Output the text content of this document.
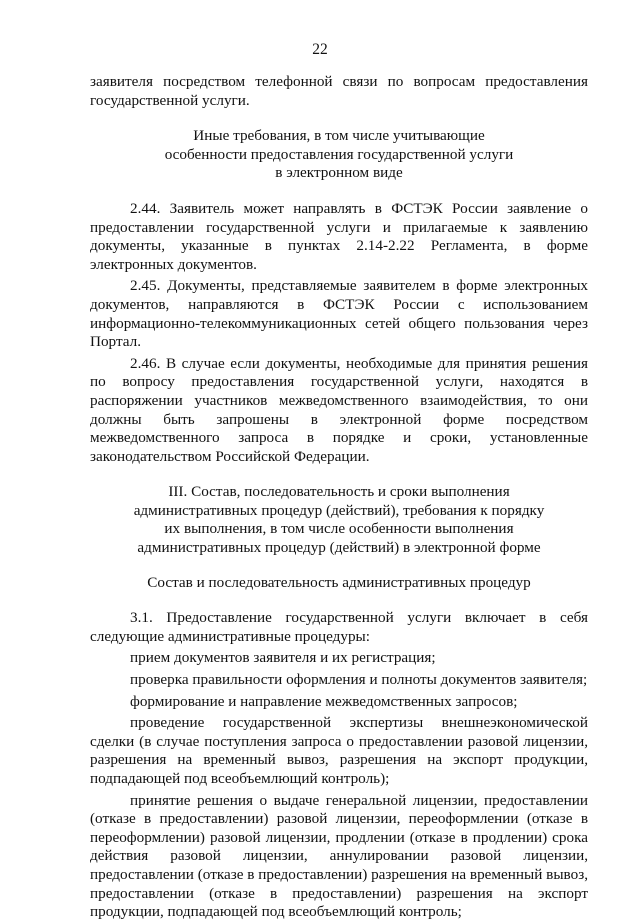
22

заявителя посредством телефонной связи по вопросам предоставления государственной услуги.

Иные требования, в том числе учитывающие
особенности предоставления государственной услуги
в электронном виде

2.44. Заявитель может направлять в ФСТЭК России заявление о предоставлении государственной услуги и прилагаемые к заявлению документы, указанные в пунктах 2.14-2.22 Регламента, в форме электронных документов.

2.45. Документы, представляемые заявителем в форме электронных документов, направляются в ФСТЭК России с использованием информационно-телекоммуникационных сетей общего пользования через Портал.

2.46. В случае если документы, необходимые для принятия решения по вопросу предоставления государственной услуги, находятся в распоряжении участников межведомственного взаимодействия, то они должны быть запрошены в электронной форме посредством межведомственного запроса в порядке и сроки, установленные законодательством Российской Федерации.

III. Состав, последовательность и сроки выполнения
административных процедур (действий), требования к порядку
их выполнения, в том числе особенности выполнения
административных процедур (действий) в электронной форме
Состав и последовательность административных процедур

3.1. Предоставление государственной услуги включает в себя следующие административные процедуры:

прием документов заявителя и их регистрация;

проверка правильности оформления и полноты документов заявителя;

формирование и направление межведомственных запросов;

проведение государственной экспертизы внешнеэкономической сделки (в случае поступления запроса о предоставлении разовой лицензии, разрешения на временный вывоз, разрешения на экспорт продукции, подпадающей под всеобъемлющий контроль);

принятие решения о выдаче генеральной лицензии, предоставлении (отказе в предоставлении) разовой лицензии, переоформлении (отказе в переоформлении) разовой лицензии, продлении (отказе в продлении) срока действия разовой лицензии, аннулировании разовой лицензии, предоставлении (отказе в предоставлении) разрешения на временный вывоз, предоставлении (отказе в предоставлении) разрешения на экспорт продукции, подпадающей под всеобъемлющий контроль;
